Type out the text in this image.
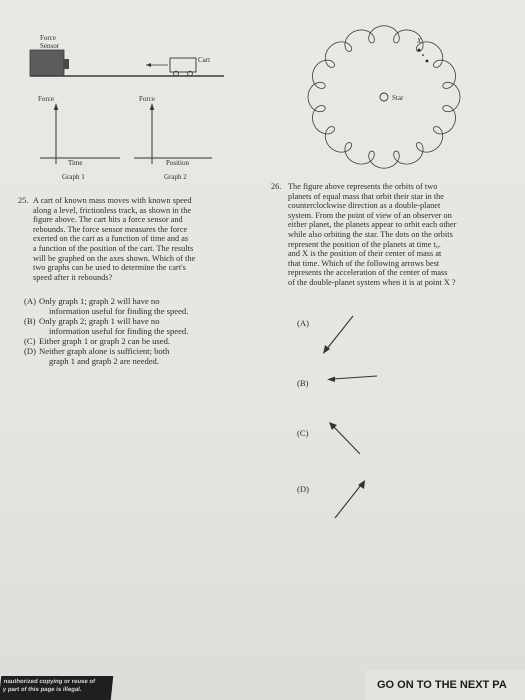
Force
Sensor
Cart
Force
Time
Graph 1
Force
Position
Graph 2
Star
X
25. A cart of known mass moves with known speed
along a level, frictionless track, as shown in the
figure above. The cart hits a force sensor and
rebounds. The force sensor measures the force
exerted on the cart as a function of time and as
a function of the position of the cart. The results
will be graphed on the axes shown. Which of the
two graphs can be used to determine the cart's
speed after it rebounds?
(A) Only graph 1; graph 2 will have no
information useful for finding the speed.
(B) Only graph 2; graph 1 will have no
information useful for finding the speed.
(C) Either graph 1 or graph 2 can be used.
(D) Neither graph alone is sufficient; both
graph 1 and graph 2 are needed.
26. The figure above represents the orbits of two
planets of equal mass that orbit their star in the
counterclockwise direction as a double-planet
system. From the point of view of an observer on
either planet, the planets appear to orbit each other
while also orbiting the star. The dots on the orbits
represent the position of the planets at time t₀.
and X is the position of their center of mass at
that time. Which of the following arrows best
represents the acceleration of the center of mass
of the double-planet system when it is at point X ?
(A)
(B)
(C)
(D)
nauthorized copying or reuse of
y part of this page is illegal.	GO ON TO THE NEXT PA
